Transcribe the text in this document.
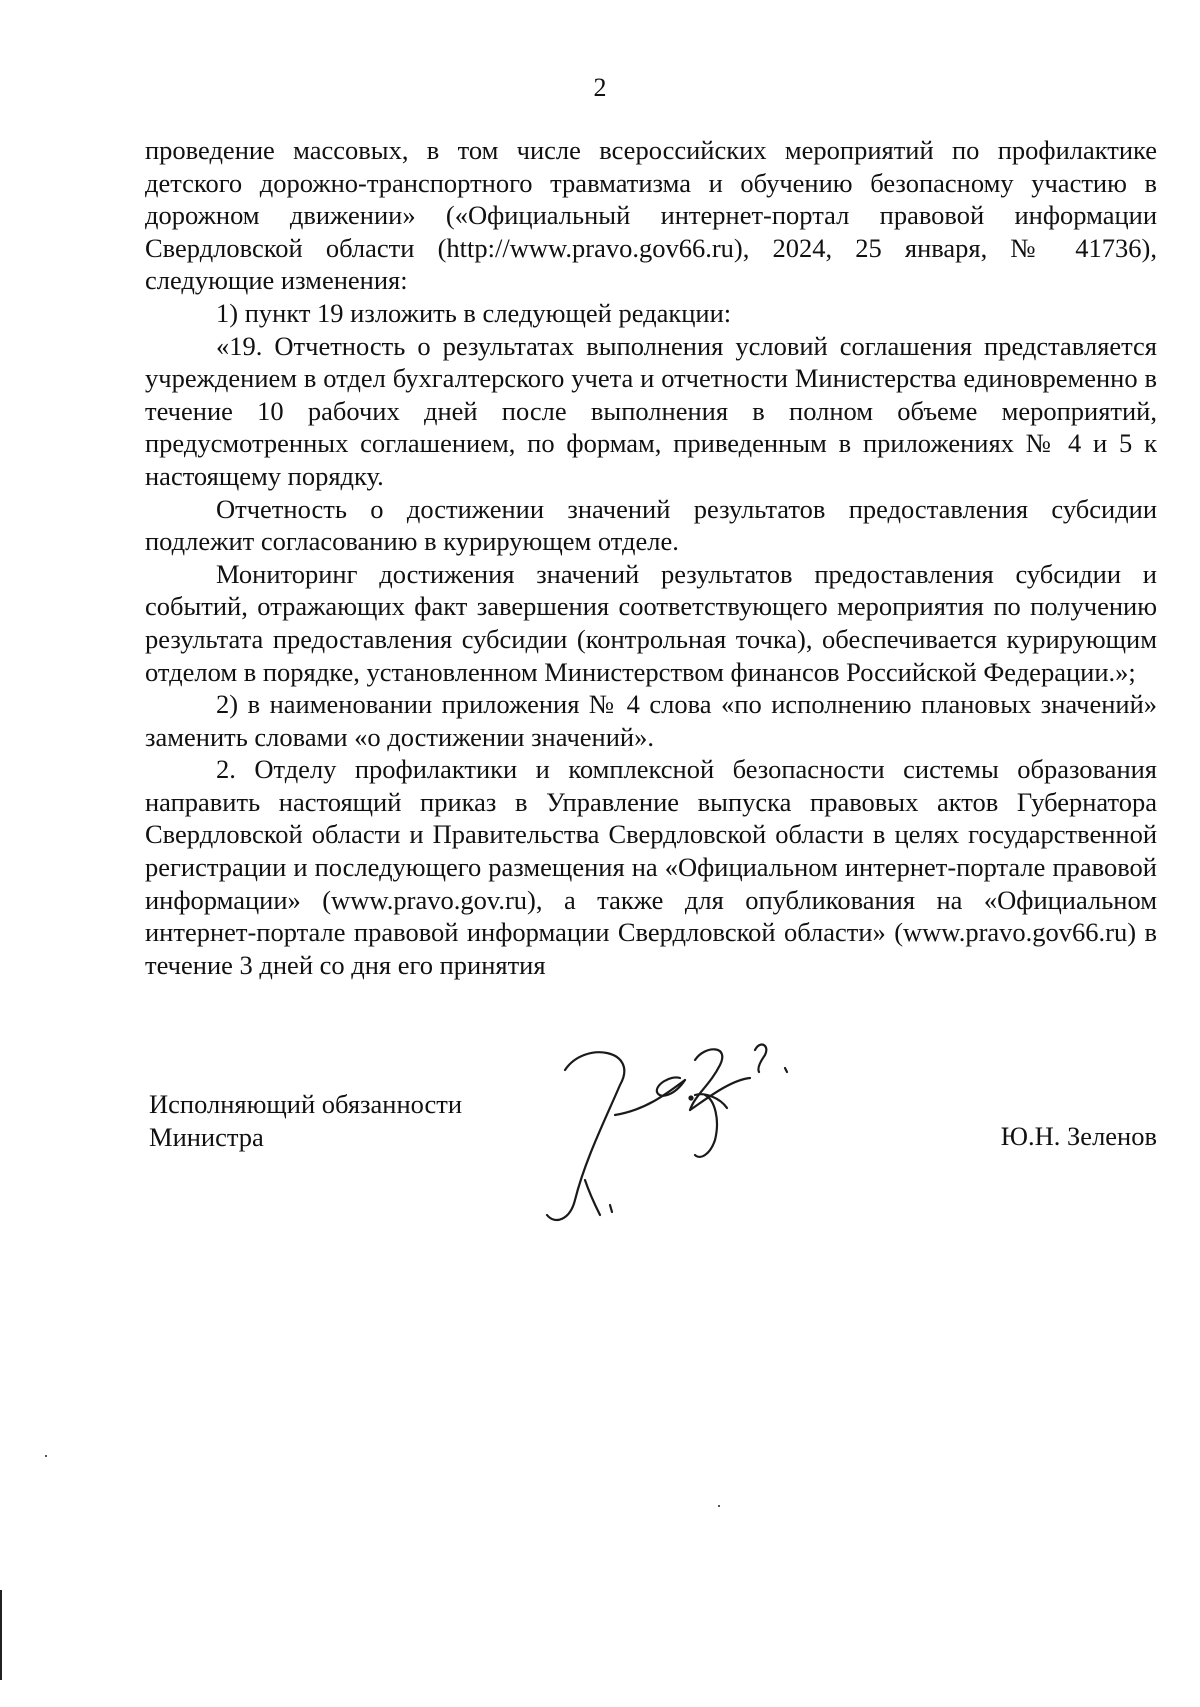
2

проведение массовых, в том числе всероссийских мероприятий по профилактике детского дорожно-транспортного травматизма и обучению безопасному участию в дорожном движении» («Официальный интернет-портал правовой информации Свердловской области (http://www.pravo.gov66.ru), 2024, 25 января, № 41736), следующие изменения:

1) пункт 19 изложить в следующей редакции:

«19. Отчетность о результатах выполнения условий соглашения представляется учреждением в отдел бухгалтерского учета и отчетности Министерства единовременно в течение 10 рабочих дней после выполнения в полном объеме мероприятий, предусмотренных соглашением, по формам, приведенным в приложениях № 4 и 5 к настоящему порядку.

Отчетность о достижении значений результатов предоставления субсидии подлежит согласованию в курирующем отделе.

Мониторинг достижения значений результатов предоставления субсидии и событий, отражающих факт завершения соответствующего мероприятия по получению результата предоставления субсидии (контрольная точка), обеспечивается курирующим отделом в порядке, установленном Министерством финансов Российской Федерации.»;

2) в наименовании приложения № 4 слова «по исполнению плановых значений» заменить словами «о достижении значений».

2. Отделу профилактики и комплексной безопасности системы образования направить настоящий приказ в Управление выпуска правовых актов Губернатора Свердловской области и Правительства Свердловской области в целях государственной регистрации и последующего размещения на «Официальном интернет-портале правовой информации» (www.pravo.gov.ru), а также для опубликования на «Официальном интернет-портале правовой информации Свердловской области» (www.pravo.gov66.ru) в течение 3 дней со дня его принятия

Исполняющий обязанности
Министра	Ю.Н. Зеленов
